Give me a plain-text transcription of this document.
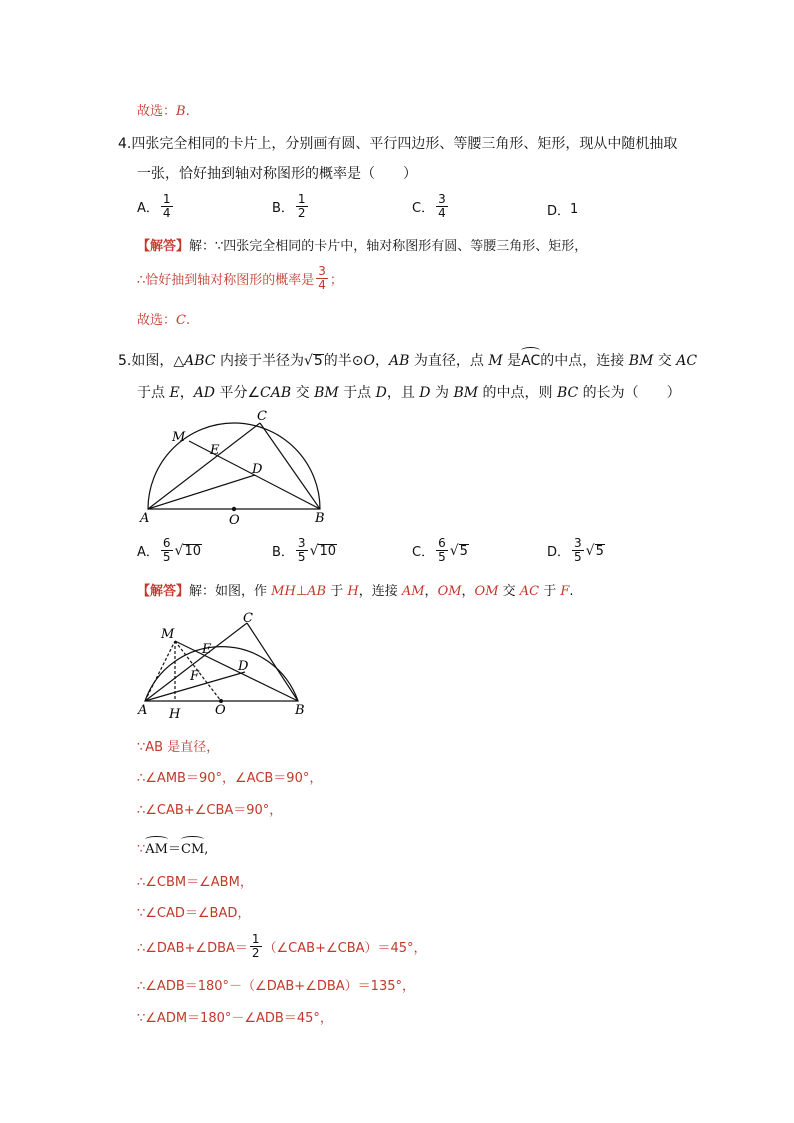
故选：B.
4.四张完全相同的卡片上，分别画有圆、平行四边形、等腰三角形、矩形，现从中随机抽取
一张，恰好抽到轴对称图形的概率是（　　）
A． $\frac{1}{4}$	B． $\frac{1}{2}$	C． $\frac{3}{4}$	D． 1
【解答】解：∵四张完全相同的卡片中，轴对称图形有圆、等腰三角形、矩形，
∴恰好抽到轴对称图形的概率是 $\frac{3}{4}$ ；
故选：C.
5.如图，△ABC 内接于半径为√5的半⊙O，AB 为直径，点 M 是AC的中点，连接 BM 交 AC
于点 E，AD 平分∠CAB 交 BM 于点 D，且 D 为 BM 的中点，则 BC 的长为（　　）
M
C
E
D
A	O	B
A． $\frac{6}{5}$ √ 10	B． $\frac{3}{5}$ √ 10	C． $\frac{6}{5}$ √ 5	D． $\frac{3}{5}$ √ 5
【解答】解：如图，作 MH⊥AB 于 H，连接 AM，OM，OM 交 AC 于 F.
M
C
E
D
F
A H	O	B
∵AB 是直径，
∴∠AMB＝90°，∠ACB＝90°，
∴∠CAB+∠CBA＝90°，
∵AM＝CM,
∴∠CBM＝∠ABM，
∵∠CAD＝∠BAD，
∴∠DAB+∠DBA＝ $\frac{1}{2}$ （∠CAB+∠CBA）＝45°，
∴∠ADB＝180°－（∠DAB+∠DBA）＝135°，
∵∠ADM＝180°－∠ADB＝45°，
